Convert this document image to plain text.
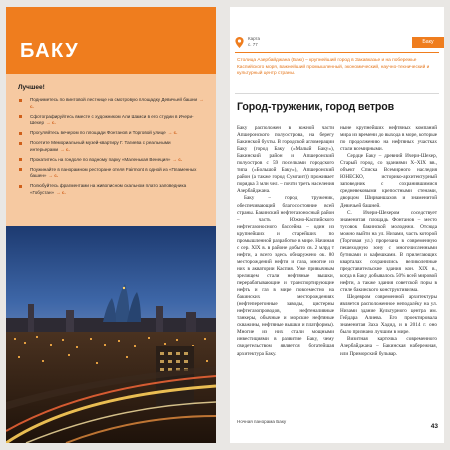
БАКУ
Лучшее!
Подниметесь по винтовой лестнице на смотровую площадку Девичьей башни → с.
Сфотографируйтесь вместе с художником Али Шамси в его студии в Ичери-Шехер → с.
Прогуляйтесь вечером по площади Фонтанов и Торговой улице → с.
Посетите Мемориальный музей-квартиру Г. Тагиева с реальными интерьерами → с.
Прокатитесь на гондоле по водному парку «Маленькая Венеция» → с.
Поужинайте в панорамном ресторане отеля Fairmont в одной из «Пламенных башен» → с.
Полюбуйтесь фрагментами на живописном скальном плато заповедника «Гобустан» → с.
Карта
с. 77	Баку
Столица Азербайджана (Бакı) – крупнейший город в Закавказье и на побережье Каспийского моря, важнейший промышленный, экономический, научно-технический и культурный центр страны.
Город-труженик, город ветров

Баку расположен в южной части Апшеронского полуострова, на берегу Бакинской бухты. В городской агломерации Баку (город Баку («Малый Баку»), Бакинский район и Апшеронский полуостров с 59 поселками городского типа («Большой Баку»), Апшеронский район (а также город Сумгаит)) проживает порядка 3 млн чел. – почти треть населения Азербайджана.

Баку – город труженик, обеспечивающий благосостояние всей страны. Бакинский нефтегазоносный район – часть Южно-Каспийского нефтегазоносного бассейна – один из крупнейших и старейших по промышленной разработке в мире. Начиная с сер. XIX в. в районе добыто св. 2 млрд т нефти, а всего здесь обнаружено ок. 80 месторождений нефти и газа, многие из них в акватории Каспия. Уже привычным зрелищем стали нефтяные вышки, перерабатывающие и транспортирующие нефть и газ в мире повсеместно на бакинских месторождениях (нефтеперегонные заводы, цистерны нефтегазопроводов, нефтеналивные танкеры, обычные и морские нефтяные скважины, нефтяные вышки и платформы). Многие из них стали мощными инвестициями в развитие Баку, чему свидетельством является богатейшая архитектура Баку.

ныне крупнейших нефтяных компаний мира из времени до выхода в море, которые по продолжению на нефтяных участках стали всемирными.

Сердце Баку – древний Ичери-Шехер, Старый город, со зданиями X–XIX вв., объект Списка Всемирного наследия ЮНЕСКО, историко-архитектурный заповедник с сохранившимися средневековыми крепостными стенами, дворцом Ширваншахов и знаменитой Девичьей башней.

С. Ичери-Шехером соседствует знаменитая площадь Фонтанов – место тусовок бакинской молодежи. Отсюда можно выйти на ул. Низами, часть которой (Торговая ул.) прорезана в современную пешеходную зону с многочисленными бутиками и кафешками. В прилегающих кварталах сохранились великолепные представительские здания кон. XIX в., когда в Баку добывалось 50% всей мировой нефти, а также здания советской поры в стиле бакинского конструктивизма.

Шедевром современной архитектуры является расположенное неподалёку на ул. Низами здание Культурного центра им. Гейдара Алиева. Его проектировала знаменитая Заха Хадид, и в 2014 г. оно было признано лучшим в мире.

Визитная карточка современного Азербайджана – Бакинская набережная, или Приморский бульвар.

Ночная панорама Баку
43
